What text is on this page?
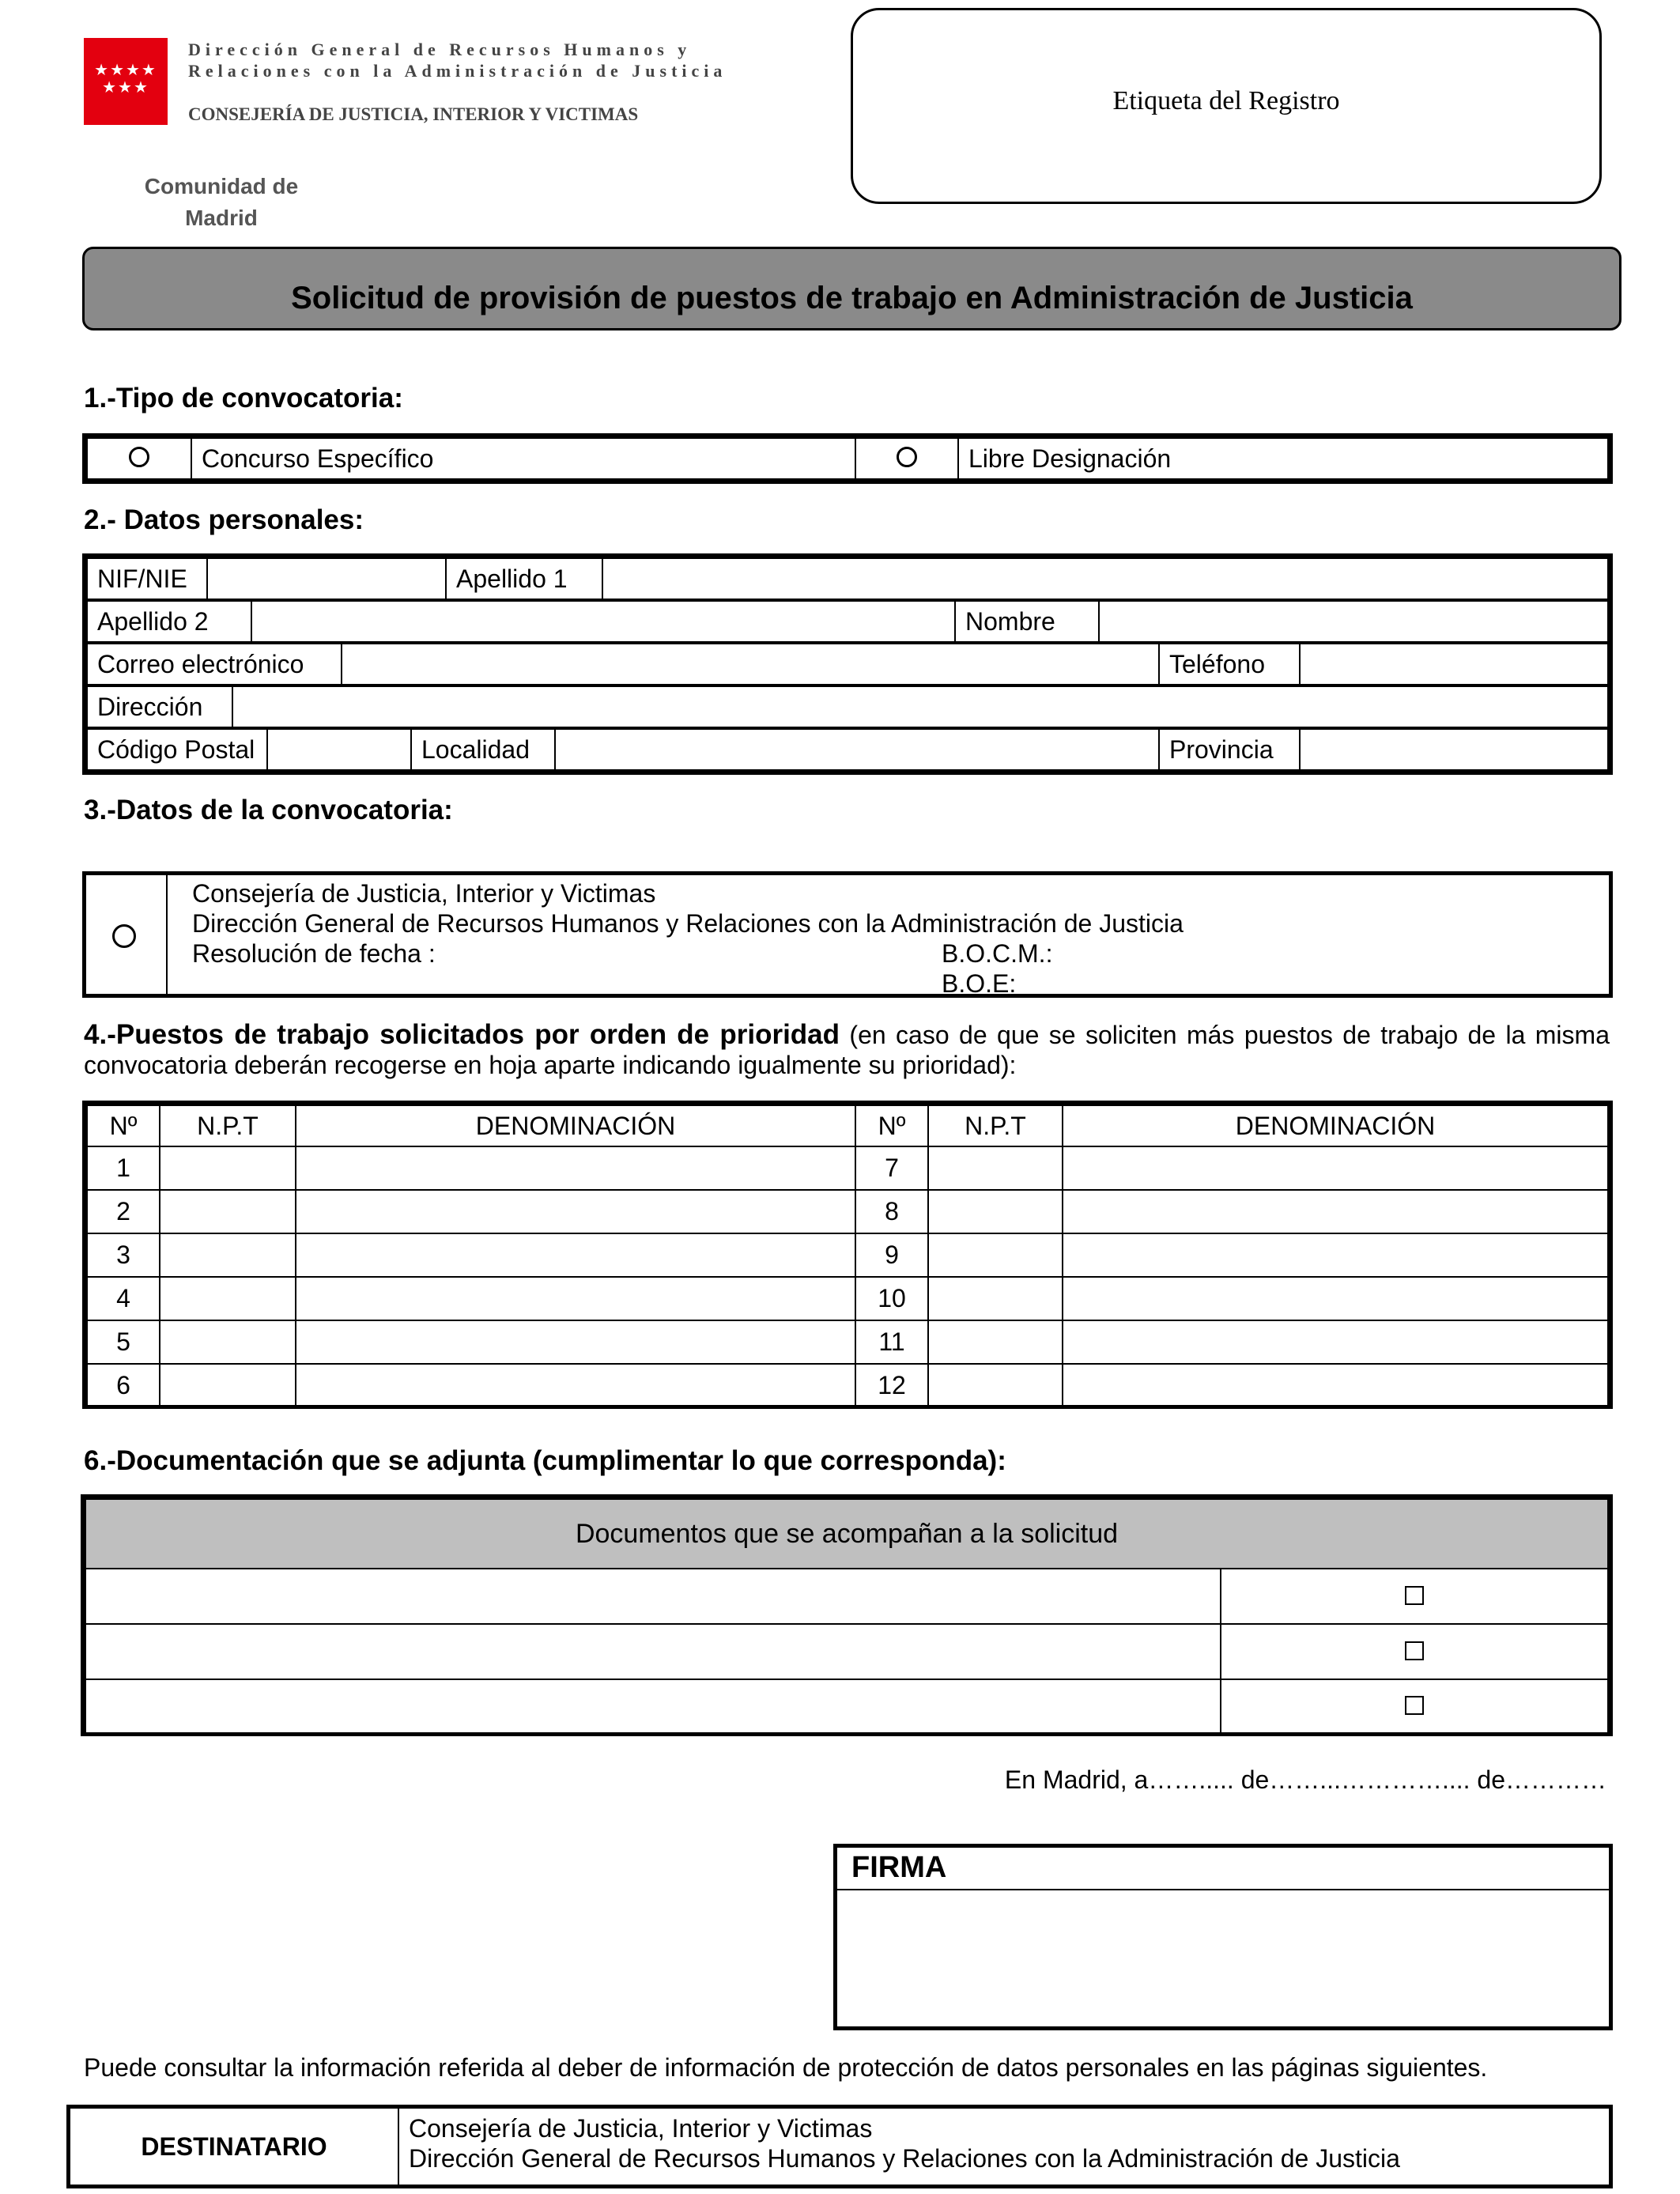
★★★★
★★★
Dirección General de Recursos Humanos y
Relaciones con la Administración de Justicia
CONSEJERÍA DE JUSTICIA, INTERIOR Y VICTIMAS
Comunidad de
Madrid
Etiqueta del Registro
Solicitud de provisión de puestos de trabajo en Administración de Justicia
1.-Tipo de convocatoria:
	Concurso Específico		Libre Designación
2.- Datos personales:
NIF/NIE		Apellido 1	
Apellido 2		Nombre	
Correo electrónico		Teléfono	
Dirección	
Código Postal		Localidad		Provincia	
3.-Datos de la convocatoria:
Consejería de Justicia, Interior y Victimas
Dirección General de Recursos Humanos y Relaciones con la Administración de Justicia
Resolución de fecha :	B.O.C.M.:
B.O.E:
4.-Puestos de trabajo solicitados por orden de prioridad (en caso de que se soliciten más puestos de trabajo de la misma convocatoria deberán recogerse en hoja aparte indicando igualmente su prioridad):
Nº	N.P.T	DENOMINACIÓN	Nº	N.P.T	DENOMINACIÓN
1			7		
2			8		
3			9		
4			10		
5			11		
6			12		
6.-Documentación que se adjunta (cumplimentar lo que corresponda):
Documentos que se acompañan a la solicitud	

En Madrid, a……..... de……...………….... de…………
FIRMA
Puede consultar la información referida al deber de información de protección de datos personales en las páginas siguientes.
DESTINATARIO
Consejería de Justicia, Interior y Victimas
Dirección General de Recursos Humanos y Relaciones con la Administración de Justicia
